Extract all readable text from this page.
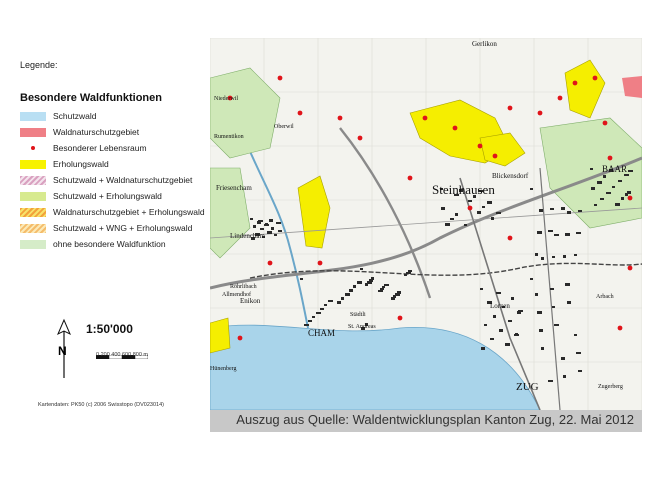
Legende:
Besondere Waldfunktionen
Schutzwald
Waldnaturschutzgebiet
Besonderer Lebensraum
Erholungswald
Schutzwald + Waldnaturschutzgebiet
Schutzwald + Erholungswald
Waldnaturschutzgebiet + Erholungswald
Schutzwald + WNG + Erholungswald
ohne besondere Waldfunktion
N
1:50'000
0 200 400 600 800 m
Kartendaten: PK50 (c) 2006 Swisstopo (DV023014)
Steinhausen
BAAR
CHAM
ZUG
Niederwil
Oberwil
Lindencham
Friesencham
Enikon
Hünenberg
Blickensdorf
Rumentikon
Allmendhof
Lorzen
Städtli
St. Andreas
Röhrlibach
Arbach
Gerlikon
Zugerberg
Auszug aus Quelle: Waldentwicklungsplan Kanton Zug, 22. Mai 2012
